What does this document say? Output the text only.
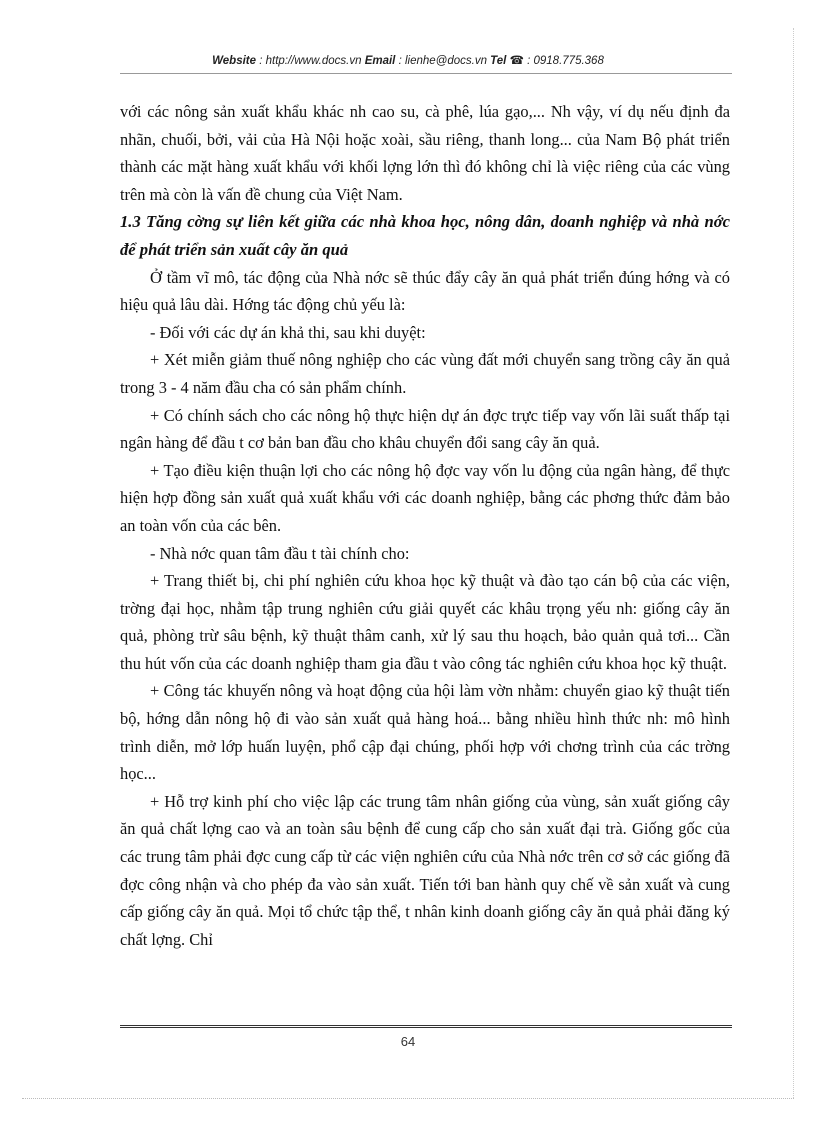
Website : http://www.docs.vn Email : lienhe@docs.vn Tel ☎ : 0918.775.368

với các nông sản xuất khẩu khác nh cao su, cà phê, lúa gạo,... Nh vậy, ví dụ nếu định đa nhãn, chuối, bởi, vải của Hà Nội hoặc xoài, sầu riêng, thanh long... của Nam Bộ phát triển thành các mặt hàng xuất khẩu với khối lợng lớn thì đó không chỉ là việc riêng của các vùng trên mà còn là vấn đề chung của Việt Nam.

1.3 Tăng cờng sự liên kết giữa các nhà khoa học, nông dân, doanh nghiệp và nhà nớc để phát triển sản xuất cây ăn quả

Ở tầm vĩ mô, tác động của Nhà nớc sẽ thúc đẩy cây ăn quả phát triển đúng hớng và có hiệu quả lâu dài. Hớng tác động chủ yếu là:

- Đối với các dự án khả thi, sau khi duyệt:

+ Xét miễn giảm thuế nông nghiệp cho các vùng đất mới chuyển sang trồng cây ăn quả trong 3 - 4 năm đầu cha có sản phẩm chính.

+ Có chính sách cho các nông hộ thực hiện dự án đợc trực tiếp vay vốn lãi suất thấp tại ngân hàng để đầu t cơ bản ban đầu cho khâu chuyển đổi sang cây ăn quả.

+ Tạo điều kiện thuận lợi cho các nông hộ đợc vay vốn lu động của ngân hàng, để thực hiện hợp đồng sản xuất quả xuất khẩu với các doanh nghiệp, bằng các phơng thức đảm bảo an toàn vốn của các bên.

- Nhà nớc quan tâm đầu t tài chính cho:

+ Trang thiết bị, chi phí nghiên cứu khoa học kỹ thuật và đào tạo cán bộ của các viện, trờng đại học, nhằm tập trung nghiên cứu giải quyết các khâu trọng yếu nh: giống cây ăn quả, phòng trừ sâu bệnh, kỹ thuật thâm canh, xử lý sau thu hoạch, bảo quản quả tơi... Cần thu hút vốn của các doanh nghiệp tham gia đầu t vào công tác nghiên cứu khoa học kỹ thuật.

+ Công tác khuyến nông và hoạt động của hội làm vờn nhằm: chuyển giao kỹ thuật tiến bộ, hớng dẫn nông hộ đi vào sản xuất quả hàng hoá... bằng nhiều hình thức nh: mô hình trình diễn, mở lớp huấn luyện, phổ cập đại chúng, phối hợp với chơng trình của các trờng học...

+ Hỗ trợ kinh phí cho việc lập các trung tâm nhân giống của vùng, sản xuất giống cây ăn quả chất lợng cao và an toàn sâu bệnh để cung cấp cho sản xuất đại trà. Giống gốc của các trung tâm phải đợc cung cấp từ các viện nghiên cứu của Nhà nớc trên cơ sở các giống đã đợc công nhận và cho phép đa vào sản xuất. Tiến tới ban hành quy chế về sản xuất và cung cấp giống cây ăn quả. Mọi tổ chức tập thể, t nhân kinh doanh giống cây ăn quả phải đăng ký chất lợng. Chỉ

64
